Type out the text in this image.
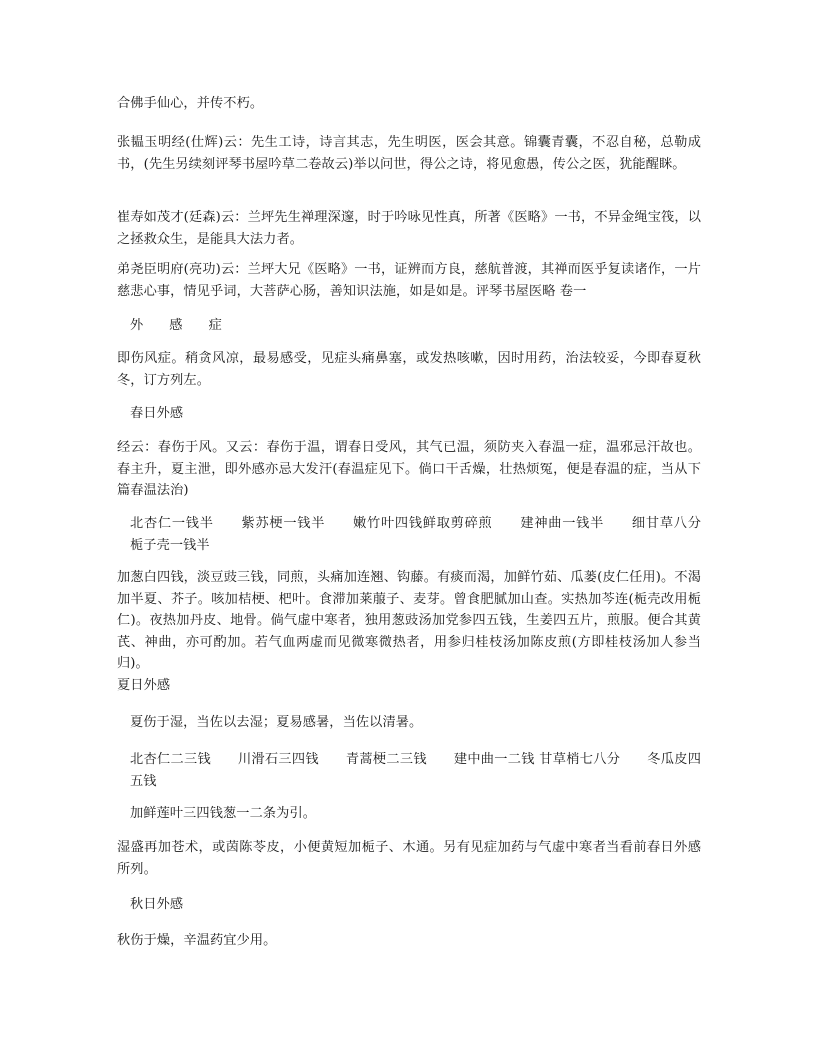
合佛手仙心，并传不朽。

张韫玉明经(仕辉)云：先生工诗，诗言其志，先生明医，医会其意。锦囊青囊，不忍自秘，总勒成书，(先生另续刻评琴书屋吟草二卷故云)举以问世，得公之诗，将见愈愚，传公之医，犹能醒眯。

崔寿如茂才(廷森)云：兰坪先生禅理深邃，时于吟咏见性真，所著《医略》一书，不异金绳宝筏，以之拯救众生，是能具大法力者。

弟尧臣明府(亮功)云：兰坪大兄《医略》一书，证辨而方良，慈航普渡，其禅而医乎复读诸作，一片慈悲心事，情见乎词，大菩萨心肠，善知识法施，如是如是。评琴书屋医略 卷一

外 感 症

即伤风症。稍贪风凉，最易感受，见症头痛鼻塞，或发热咳嗽，因时用药，治法较妥，今即春夏秋冬，订方列左。

春日外感

经云：春伤于风。又云：春伤于温，谓春日受风，其气已温，须防夹入春温一症，温邪忌汗故也。春主升，夏主泄，即外感亦忌大发汗(春温症见下。倘口干舌燥，壮热烦冤，便是春温的症，当从下篇春温法治)

北杏仁一钱半　　紫苏梗一钱半　　嫩竹叶四钱鲜取剪碎煎　　建神曲一钱半　　细甘草八分　　栀子壳一钱半

加葱白四钱，淡豆豉三钱，同煎，头痛加连翘、钩藤。有痰而渴，加鲜竹茹、瓜蒌(皮仁任用)。不渴加半夏、芥子。咳加桔梗、杷叶。食滞加莱菔子、麦芽。曾食肥腻加山查。实热加芩连(栀壳改用栀仁)。夜热加丹皮、地骨。倘气虚中寒者，独用葱豉汤加党参四五钱，生姜四五片，煎服。便合其黄芪、神曲，亦可酌加。若气血两虚而见微寒微热者，用参归桂枝汤加陈皮煎(方即桂枝汤加人参当归)。

夏日外感

夏伤于湿，当佐以去湿；夏易感暑，当佐以清暑。

北杏仁二三钱　　川滑石三四钱　　青蒿梗二三钱　　建中曲一二钱 甘草梢七八分　　冬瓜皮四五钱

加鲜莲叶三四钱葱一二条为引。

湿盛再加苍术，或茵陈苓皮，小便黄短加栀子、木通。另有见症加药与气虚中寒者当看前春日外感所列。

秋日外感

秋伤于燥，辛温药宜少用。
